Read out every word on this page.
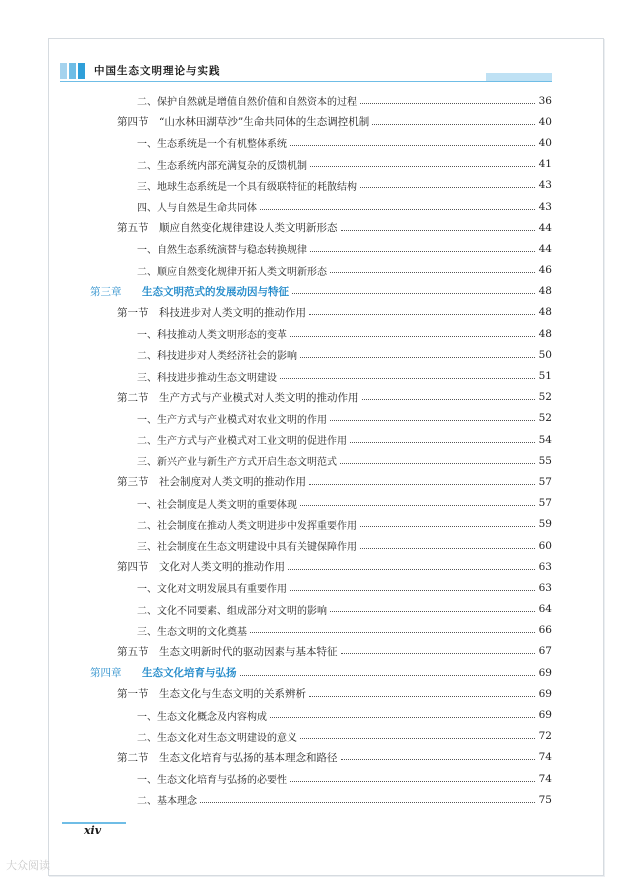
中国生态文明理论与实践
二、保护自然就是增值自然价值和自然资本的过程	36
第四节	“山水林田湖草沙”生命共同体的生态调控机制	40
一、生态系统是一个有机整体系统	40
二、生态系统内部充满复杂的反馈机制	41
三、地球生态系统是一个具有级联特征的耗散结构	43
四、人与自然是生命共同体	43
第五节	顺应自然变化规律建设人类文明新形态	44
一、自然生态系统演替与稳态转换规律	44
二、顺应自然变化规律开拓人类文明新形态	46
第三章	生态文明范式的发展动因与特征	48
第一节	科技进步对人类文明的推动作用	48
一、科技推动人类文明形态的变革	48
二、科技进步对人类经济社会的影响	50
三、科技进步推动生态文明建设	51
第二节	生产方式与产业模式对人类文明的推动作用	52
一、生产方式与产业模式对农业文明的作用	52
二、生产方式与产业模式对工业文明的促进作用	54
三、新兴产业与新生产方式开启生态文明范式	55
第三节	社会制度对人类文明的推动作用	57
一、社会制度是人类文明的重要体现	57
二、社会制度在推动人类文明进步中发挥重要作用	59
三、社会制度在生态文明建设中具有关键保障作用	60
第四节	文化对人类文明的推动作用	63
一、文化对文明发展具有重要作用	63
二、文化不同要素、组成部分对文明的影响	64
三、生态文明的文化奠基	66
第五节	生态文明新时代的驱动因素与基本特征	67
第四章	生态文化培育与弘扬	69
第一节	生态文化与生态文明的关系辨析	69
一、生态文化概念及内容构成	69
二、生态文化对生态文明建设的意义	72
第二节	生态文化培育与弘扬的基本理念和路径	74
一、生态文化培育与弘扬的必要性	74
二、基本理念	75
xiv
大众阅读
